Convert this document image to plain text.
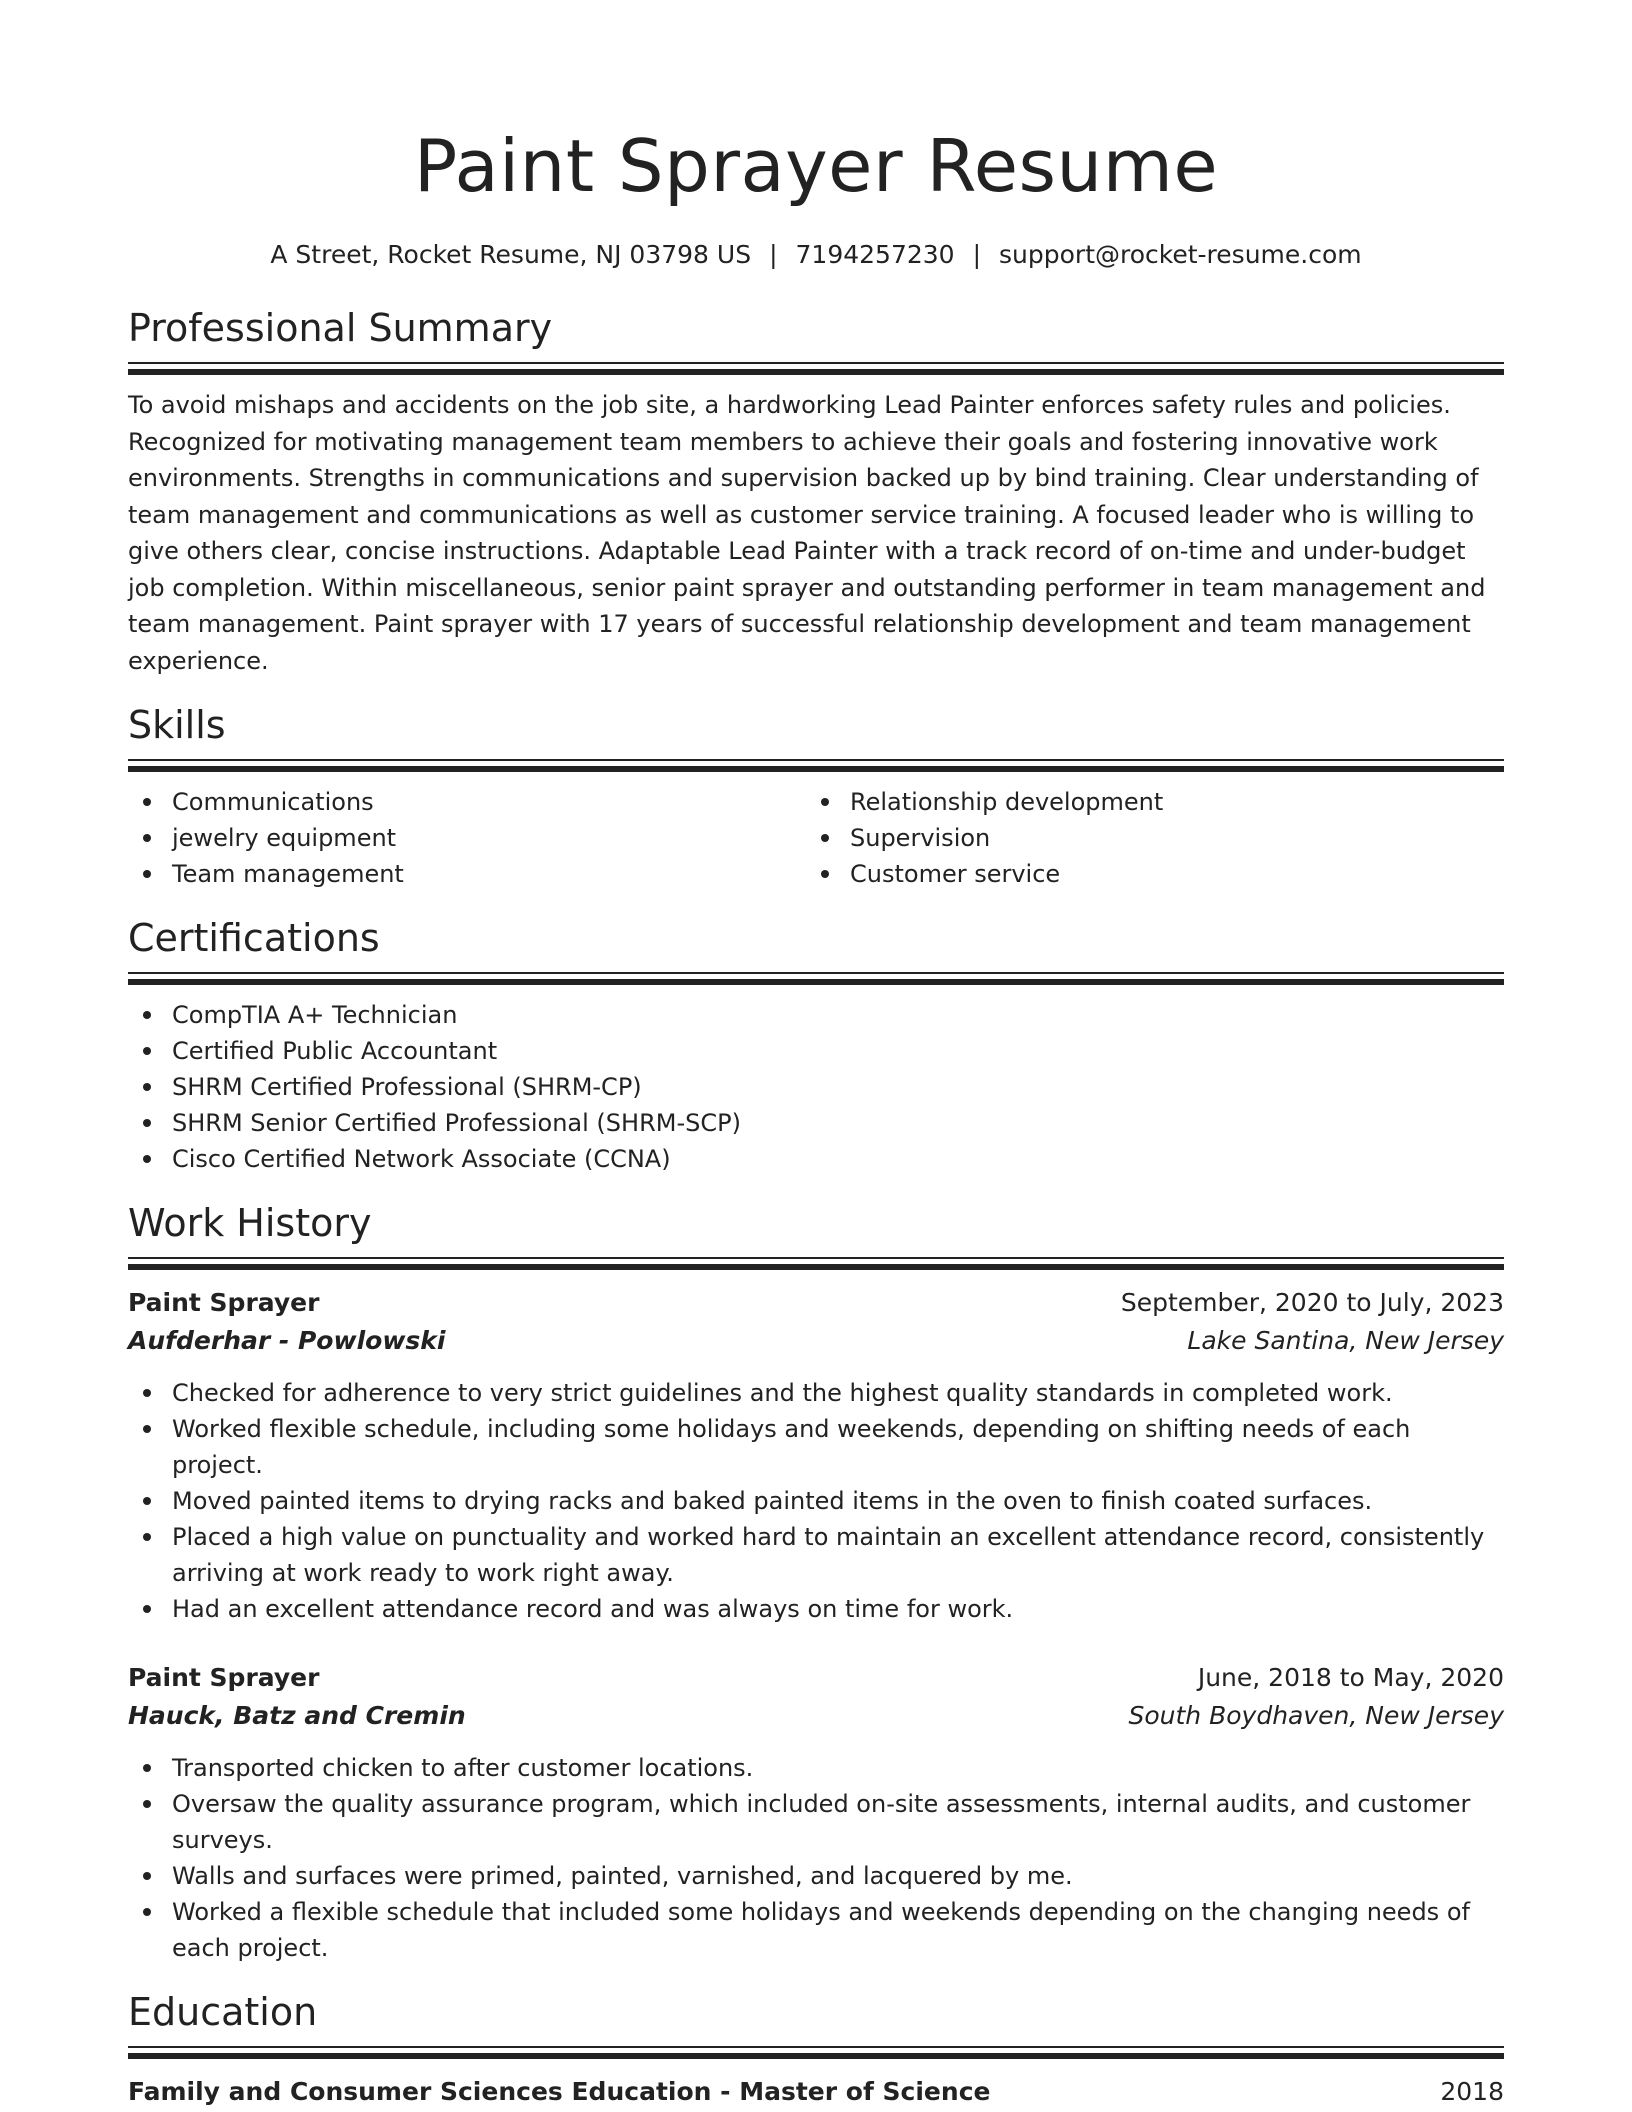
Paint Sprayer Resume
A Street, Rocket Resume, NJ 03798 US | 7194257230 | support@rocket-resume.com
Professional Summary
To avoid mishaps and accidents on the job site, a hardworking Lead Painter enforces safety rules and policies. Recognized for motivating management team members to achieve their goals and fostering innovative work environments. Strengths in communications and supervision backed up by bind training. Clear understanding of team management and communications as well as customer service training. A focused leader who is willing to give others clear, concise instructions. Adaptable Lead Painter with a track record of on-time and under-budget job completion. Within miscellaneous, senior paint sprayer and outstanding performer in team management and team management. Paint sprayer with 17 years of successful relationship development and team management experience.
Skills
Communications
jewelry equipment
Team management
Relationship development
Supervision
Customer service
Certifications
CompTIA A+ Technician
Certified Public Accountant
SHRM Certified Professional (SHRM-CP)
SHRM Senior Certified Professional (SHRM-SCP)
Cisco Certified Network Associate (CCNA)
Work History
Paint Sprayer	September, 2020 to July, 2023
Aufderhar - Powlowski	Lake Santina, New Jersey
Checked for adherence to very strict guidelines and the highest quality standards in completed work.
Worked flexible schedule, including some holidays and weekends, depending on shifting needs of each project.
Moved painted items to drying racks and baked painted items in the oven to finish coated surfaces.
Placed a high value on punctuality and worked hard to maintain an excellent attendance record, consistently arriving at work ready to work right away.
Had an excellent attendance record and was always on time for work.
Paint Sprayer	June, 2018 to May, 2020
Hauck, Batz and Cremin	South Boydhaven, New Jersey
Transported chicken to after customer locations.
Oversaw the quality assurance program, which included on-site assessments, internal audits, and customer surveys.
Walls and surfaces were primed, painted, varnished, and lacquered by me.
Worked a flexible schedule that included some holidays and weekends depending on the changing needs of each project.
Education
Family and Consumer Sciences Education - Master of Science	2018
